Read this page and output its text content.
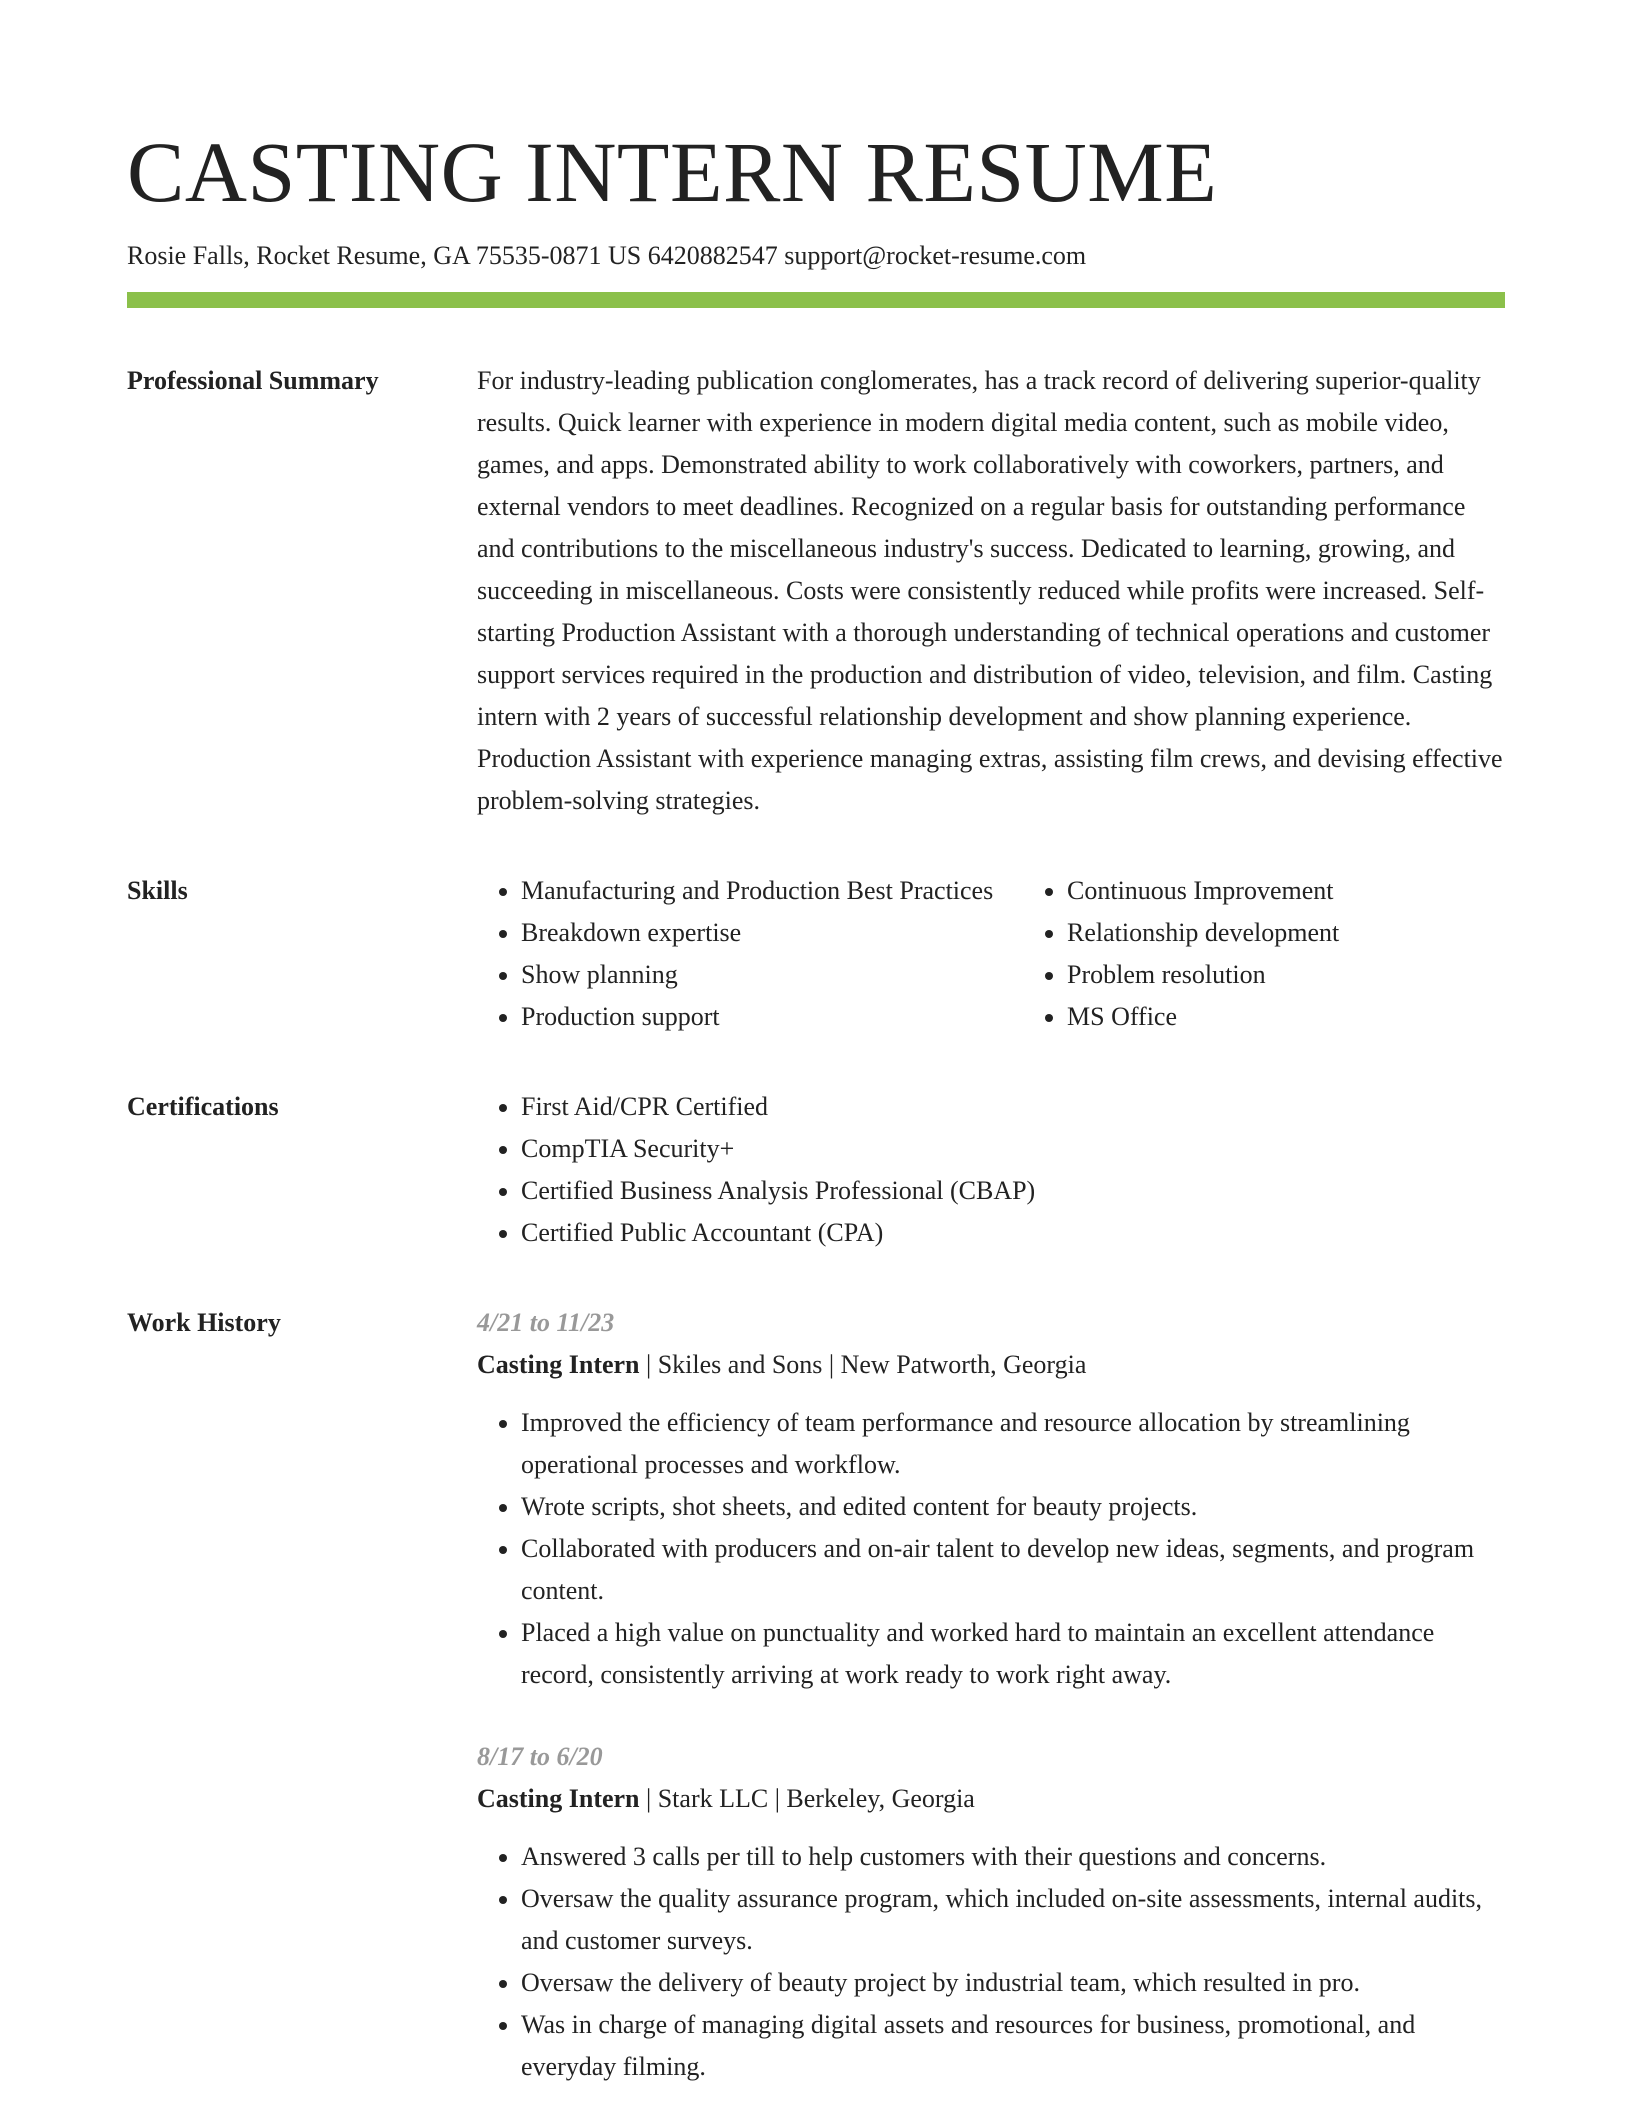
CASTING INTERN RESUME
Rosie Falls, Rocket Resume, GA 75535-0871 US 6420882547 support@rocket-resume.com
Professional Summary	For industry-leading publication conglomerates, has a track record of delivering superior-quality results. Quick learner with experience in modern digital media content, such as mobile video, games, and apps. Demonstrated ability to work collaboratively with coworkers, partners, and external vendors to meet deadlines. Recognized on a regular basis for outstanding performance and contributions to the miscellaneous industry's success. Dedicated to learning, growing, and succeeding in miscellaneous. Costs were consistently reduced while profits were increased. Self-starting Production Assistant with a thorough understanding of technical operations and customer support services required in the production and distribution of video, television, and film. Casting intern with 2 years of successful relationship development and show planning experience. Production Assistant with experience managing extras, assisting film crews, and devising effective problem-solving strategies.

Skills	• Manufacturing and Production Best Practices
• Breakdown expertise
• Show planning
• Production support
• Continuous Improvement
• Relationship development
• Problem resolution
• MS Office
Certifications	• First Aid/CPR Certified
• CompTIA Security+
• Certified Business Analysis Professional (CBAP)
• Certified Public Accountant (CPA)
Work History	4/21 to 11/23
Casting Intern | Skiles and Sons | New Patworth, Georgia
• Improved the efficiency of team performance and resource allocation by streamlining operational processes and workflow.
• Wrote scripts, shot sheets, and edited content for beauty projects.
• Collaborated with producers and on-air talent to develop new ideas, segments, and program content.
• Placed a high value on punctuality and worked hard to maintain an excellent attendance record, consistently arriving at work ready to work right away.
8/17 to 6/20
Casting Intern | Stark LLC | Berkeley, Georgia
• Answered 3 calls per till to help customers with their questions and concerns.
• Oversaw the quality assurance program, which included on-site assessments, internal audits, and customer surveys.
• Oversaw the delivery of beauty project by industrial team, which resulted in pro.
• Was in charge of managing digital assets and resources for business, promotional, and everyday filming.
